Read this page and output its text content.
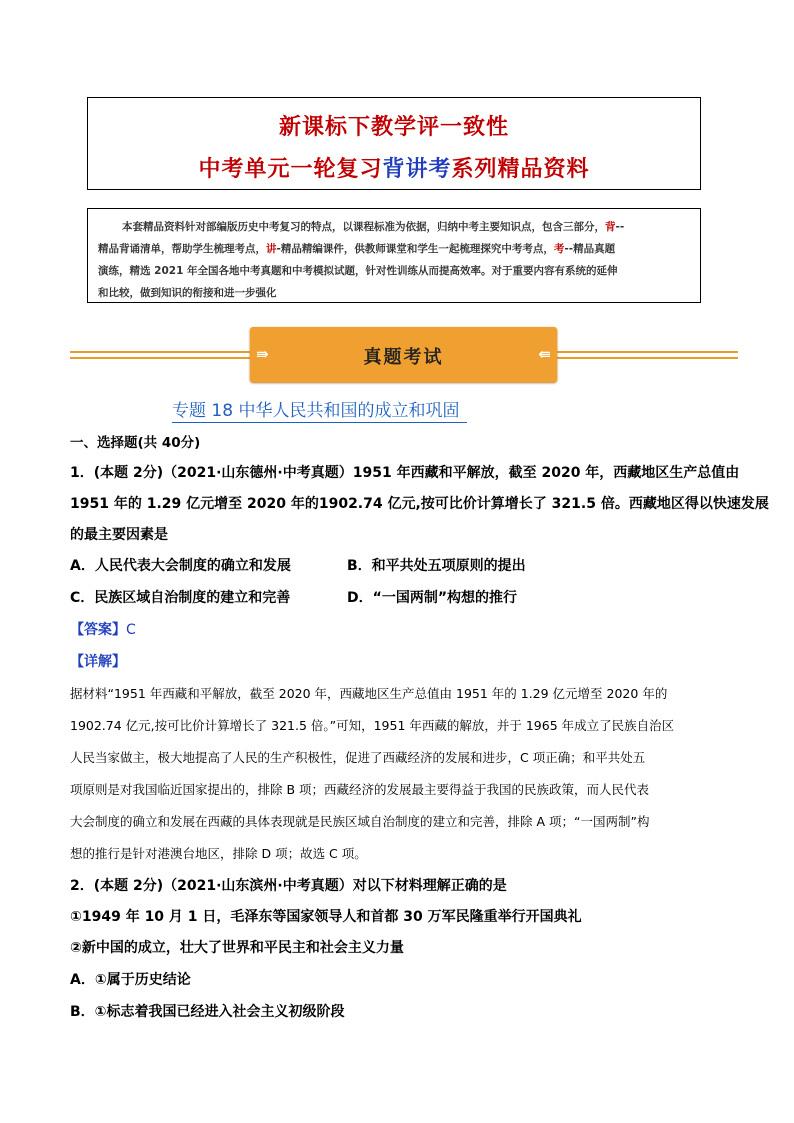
新课标下教学评一致性
中考单元一轮复习背讲考系列精品资料
本套精品资料针对部编版历史中考复习的特点，以课程标准为依据，归纳中考主要知识点，包含三部分，背--
精品背诵清单，帮助学生梳理考点，讲-精品精编课件，供教师课堂和学生一起梳理探究中考考点，考--精品真题
演练，精选 2021 年全国各地中考真题和中考模拟试题，针对性训练从而提高效率。对于重要内容有系统的延伸
和比较，做到知识的衔接和进一步强化
⇛	真题考试	⇚
专题 18 中华人民共和国的成立和巩固
一、选择题(共 40分)
1．(本题 2分)（2021·山东德州·中考真题）1951 年西藏和平解放，截至 2020 年，西藏地区生产总值由
1951 年的 1.29 亿元增至 2020 年的1902.74 亿元,按可比价计算增长了 321.5 倍。西藏地区得以快速发展
的最主要因素是
A．人民代表大会制度的确立和发展	B．和平共处五项原则的提出
C．民族区域自治制度的建立和完善	D．“一国两制”构想的推行
【答案】C
【详解】
据材料“1951 年西藏和平解放，截至 2020 年，西藏地区生产总值由 1951 年的 1.29 亿元增至 2020 年的
1902.74 亿元,按可比价计算增长了 321.5 倍。”可知，1951 年西藏的解放，并于 1965 年成立了民族自治区
人民当家做主，极大地提高了人民的生产积极性，促进了西藏经济的发展和进步，C 项正确；和平共处五
项原则是对我国临近国家提出的，排除 B 项；西藏经济的发展最主要得益于我国的民族政策，而人民代表
大会制度的确立和发展在西藏的具体表现就是民族区域自治制度的建立和完善，排除 A 项；“一国两制”构
想的推行是针对港澳台地区，排除 D 项；故选 C 项。
2．(本题 2分)（2021·山东滨州·中考真题）对以下材料理解正确的是
①1949 年 10 月 1 日，毛泽东等国家领导人和首都 30 万军民隆重举行开国典礼
②新中国的成立，壮大了世界和平民主和社会主义力量
A．①属于历史结论
B．①标志着我国已经进入社会主义初级阶段
